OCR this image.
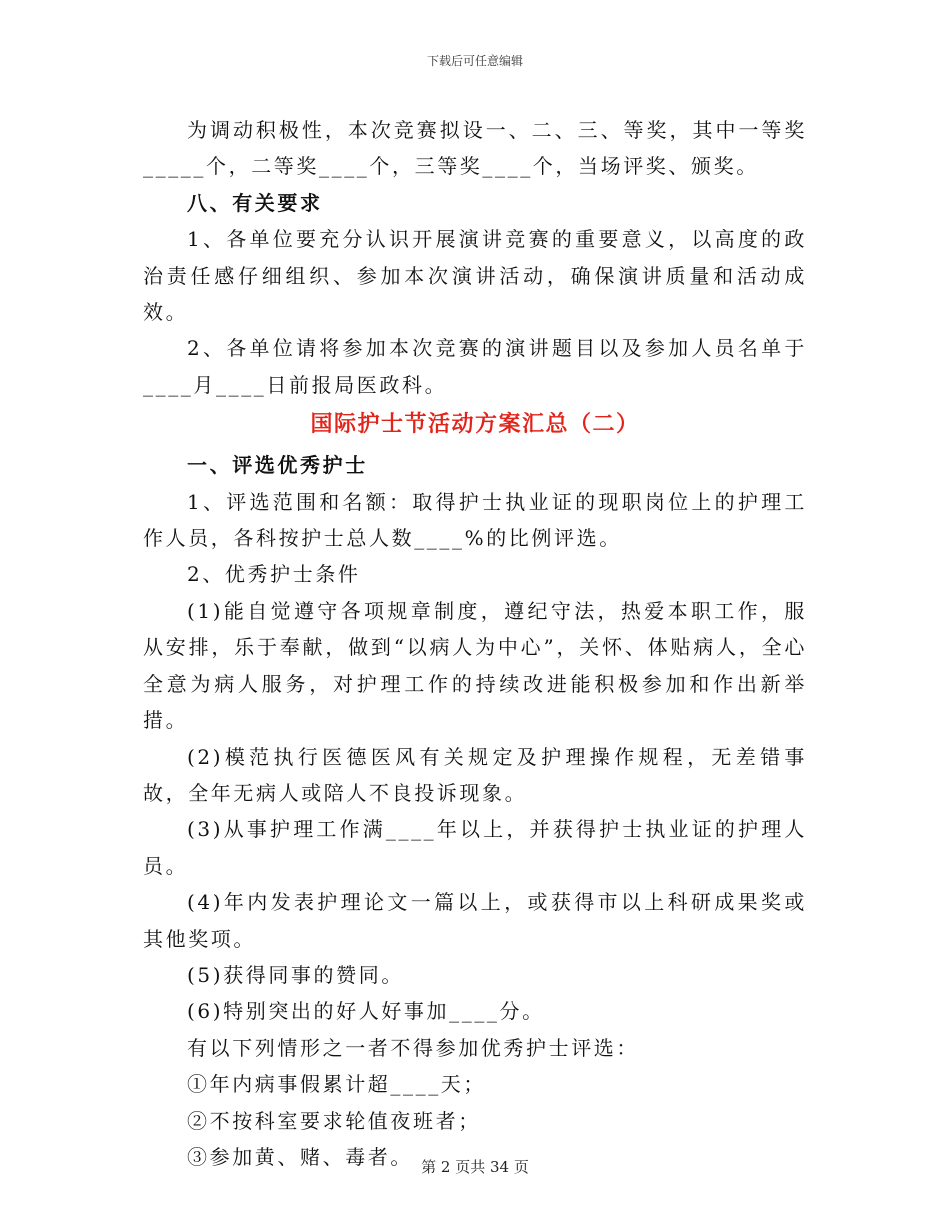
下载后可任意编辑

为调动积极性，本次竞赛拟设一、二、三、等奖，其中一等奖_____个，二等奖____个，三等奖____个，当场评奖、颁奖。

八、有关要求

1、各单位要充分认识开展演讲竞赛的重要意义，以高度的政治责任感仔细组织、参加本次演讲活动，确保演讲质量和活动成效。

2、各单位请将参加本次竞赛的演讲题目以及参加人员名单于____月____日前报局医政科。

国际护士节活动方案汇总（二）

一、评选优秀护士

1、评选范围和名额：取得护士执业证的现职岗位上的护理工作人员，各科按护士总人数____%的比例评选。

2、优秀护士条件

(1)能自觉遵守各项规章制度，遵纪守法，热爱本职工作，服从安排，乐于奉献，做到“以病人为中心”，关怀、体贴病人，全心全意为病人服务，对护理工作的持续改进能积极参加和作出新举措。

(2)模范执行医德医风有关规定及护理操作规程，无差错事故，全年无病人或陪人不良投诉现象。

(3)从事护理工作满____年以上，并获得护士执业证的护理人员。

(4)年内发表护理论文一篇以上，或获得市以上科研成果奖或其他奖项。

(5)获得同事的赞同。

(6)特别突出的好人好事加____分。

有以下列情形之一者不得参加优秀护士评选：

①年内病事假累计超____天；

②不按科室要求轮值夜班者；

③参加黄、赌、毒者。 第 2 页共 34 页
